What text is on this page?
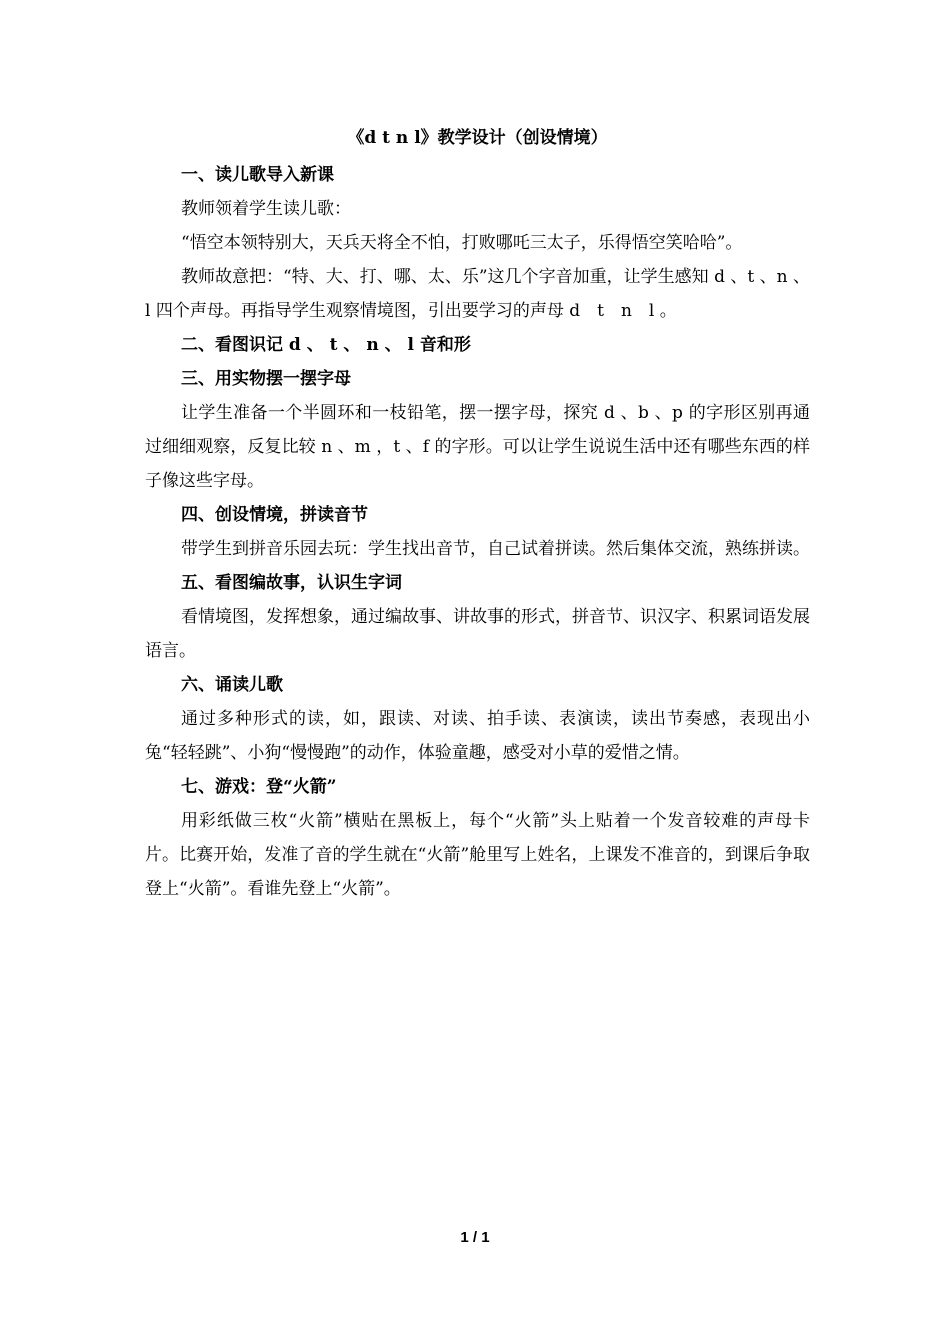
《d t n l》教学设计（创设情境）
一、读儿歌导入新课

教师领着学生读儿歌：

“悟空本领特别大，天兵天将全不怕，打败哪吒三太子，乐得悟空笑哈哈”。

教师故意把：“特、大、打、哪、太、乐”这几个字音加重，让学生感知 d 、t 、n 、 l 四个声母。再指导学生观察情境图，引出要学习的声母 d　t　n　l 。

二、看图识记 d 、 t 、 n 、 l 音和形
三、用实物摆一摆字母

让学生准备一个半圆环和一枝铅笔，摆一摆字母，探究 d 、b 、p 的字形区别再通过细细观察，反复比较 n 、m ，t 、f 的字形。可以让学生说说生活中还有哪些东西的样子像这些字母。

四、创设情境，拼读音节

带学生到拼音乐园去玩：学生找出音节，自己试着拼读。然后集体交流，熟练拼读。

五、看图编故事，认识生字词

看情境图，发挥想象，通过编故事、讲故事的形式，拼音节、识汉字、积累词语发展语言。

六、诵读儿歌

通过多种形式的读，如，跟读、对读、拍手读、表演读，读出节奏感，表现出小兔“轻轻跳”、小狗“慢慢跑”的动作，体验童趣，感受对小草的爱惜之情。

七、游戏：登“火箭”

用彩纸做三枚“火箭”横贴在黑板上，每个“火箭”头上贴着一个发音较难的声母卡片。比赛开始，发准了音的学生就在“火箭”舱里写上姓名，上课发不准音的，到课后争取登上“火箭”。看谁先登上“火箭”。

1 / 1
